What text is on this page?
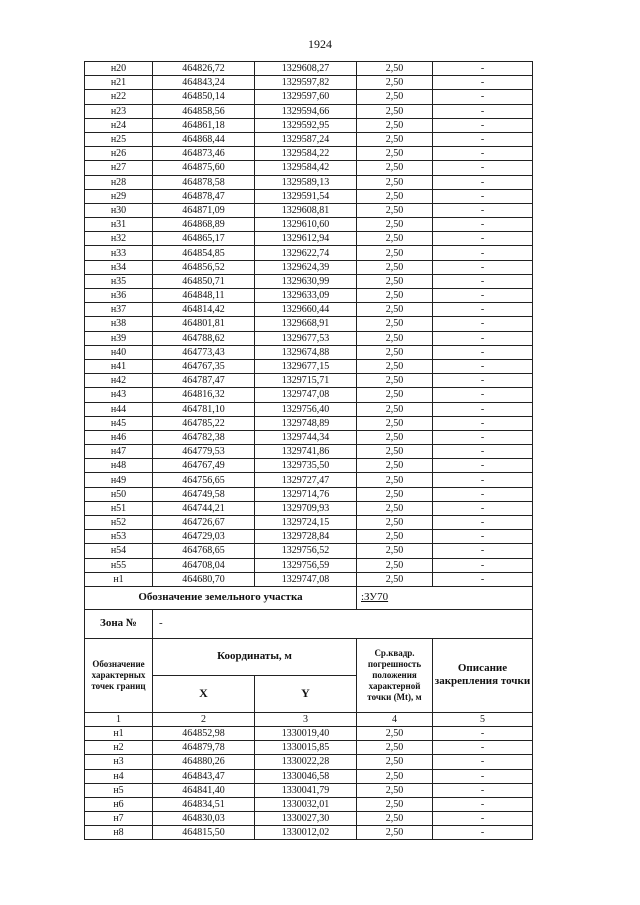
1924
н20	464826,72	1329608,27	2,50	-
н21	464843,24	1329597,82	2,50	-
н22	464850,14	1329597,60	2,50	-
н23	464858,56	1329594,66	2,50	-
н24	464861,18	1329592,95	2,50	-
н25	464868,44	1329587,24	2,50	-
н26	464873,46	1329584,22	2,50	-
н27	464875,60	1329584,42	2,50	-
н28	464878,58	1329589,13	2,50	-
н29	464878,47	1329591,54	2,50	-
н30	464871,09	1329608,81	2,50	-
н31	464868,89	1329610,60	2,50	-
н32	464865,17	1329612,94	2,50	-
н33	464854,85	1329622,74	2,50	-
н34	464856,52	1329624,39	2,50	-
н35	464850,71	1329630,99	2,50	-
н36	464848,11	1329633,09	2,50	-
н37	464814,42	1329660,44	2,50	-
н38	464801,81	1329668,91	2,50	-
н39	464788,62	1329677,53	2,50	-
н40	464773,43	1329674,88	2,50	-
н41	464767,35	1329677,15	2,50	-
н42	464787,47	1329715,71	2,50	-
н43	464816,32	1329747,08	2,50	-
н44	464781,10	1329756,40	2,50	-
н45	464785,22	1329748,89	2,50	-
н46	464782,38	1329744,34	2,50	-
н47	464779,53	1329741,86	2,50	-
н48	464767,49	1329735,50	2,50	-
н49	464756,65	1329727,47	2,50	-
н50	464749,58	1329714,76	2,50	-
н51	464744,21	1329709,93	2,50	-
н52	464726,67	1329724,15	2,50	-
н53	464729,03	1329728,84	2,50	-
н54	464768,65	1329756,52	2,50	-
н55	464708,04	1329756,59	2,50	-
н1	464680,70	1329747,08	2,50	-
Обозначение земельного участка			:ЗУ70	
Зона №	-			
Обозначение характерных точек границ	Координаты, м		Ср.квадр. погрешность положения характерной точки (Mt), м	Описание закрепления точки
	X	Y		
1	2	3	4	5
н1	464852,98	1330019,40	2,50	-
н2	464879,78	1330015,85	2,50	-
н3	464880,26	1330022,28	2,50	-
н4	464843,47	1330046,58	2,50	-
н5	464841,40	1330041,79	2,50	-
н6	464834,51	1330032,01	2,50	-
н7	464830,03	1330027,30	2,50	-
н8	464815,50	1330012,02	2,50	-
